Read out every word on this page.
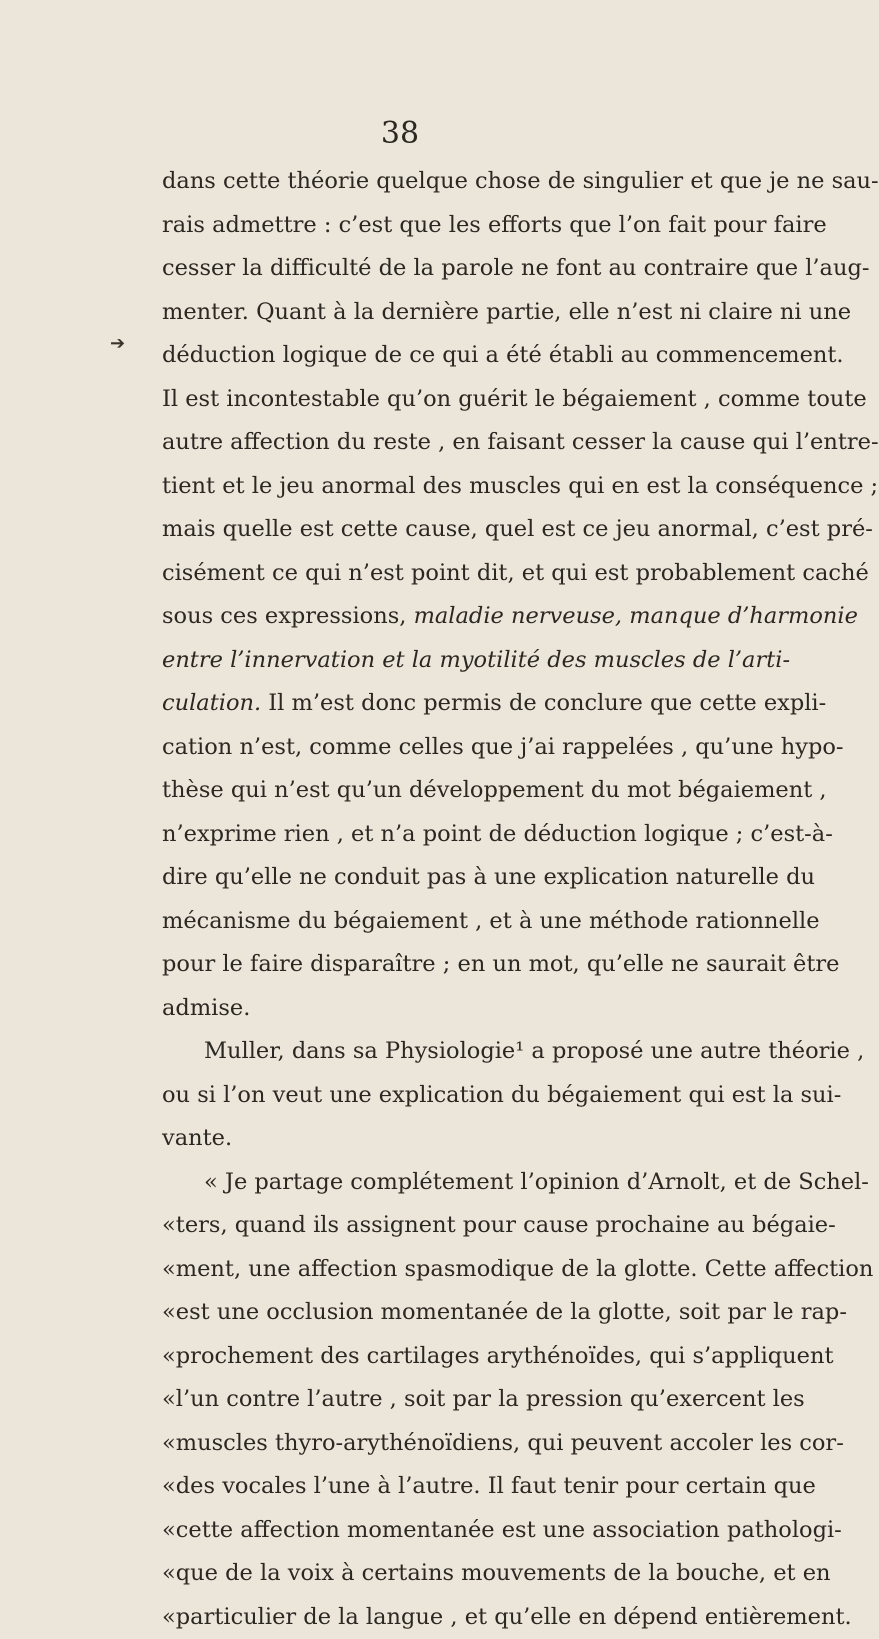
38
➔
dans cette théorie quelque chose de singulier et que je ne sau-
rais admettre : c’est que les efforts que l’on fait pour faire
cesser la difficulté de la parole ne font au contraire que l’aug-
menter. Quant à la dernière partie, elle n’est ni claire ni une
déduction logique de ce qui a été établi au commencement.
Il est incontestable qu’on guérit le bégaiement , comme toute
autre affection du reste , en faisant cesser la cause qui l’entre-
tient et le jeu anormal des muscles qui en est la conséquence ;
mais quelle est cette cause, quel est ce jeu anormal, c’est pré-
cisément ce qui n’est point dit, et qui est probablement caché
sous ces expressions, maladie nerveuse, manque d’harmonie
entre l’innervation et la myotilité des muscles de l’arti-
culation. Il m’est donc permis de conclure que cette expli-
cation n’est, comme celles que j’ai rappelées , qu’une hypo-
thèse qui n’est qu’un développement du mot bégaiement ,
n’exprime rien , et n’a point de déduction logique ; c’est-à-
dire qu’elle ne conduit pas à une explication naturelle du
mécanisme du bégaiement , et à une méthode rationnelle
pour le faire disparaître ; en un mot, qu’elle ne saurait être
admise.
Muller, dans sa Physiologie¹ a proposé une autre théorie ,
ou si l’on veut une explication du bégaiement qui est la sui-
vante.
« Je partage complétement l’opinion d’Arnolt, et de Schel-
« ters, quand ils assignent pour cause prochaine au bégaie-
« ment, une affection spasmodique de la glotte. Cette affection
« est une occlusion momentanée de la glotte, soit par le rap-
« prochement des cartilages arythénoïdes, qui s’appliquent
« l’un contre l’autre , soit par la pression qu’exercent les
« muscles thyro-arythénoïdiens, qui peuvent accoler les cor-
« des vocales l’une à l’autre. Il faut tenir pour certain que
« cette affection momentanée est une association pathologi-
« que de la voix à certains mouvements de la bouche, et en
« particulier de la langue , et qu’elle en dépend entièrement.
